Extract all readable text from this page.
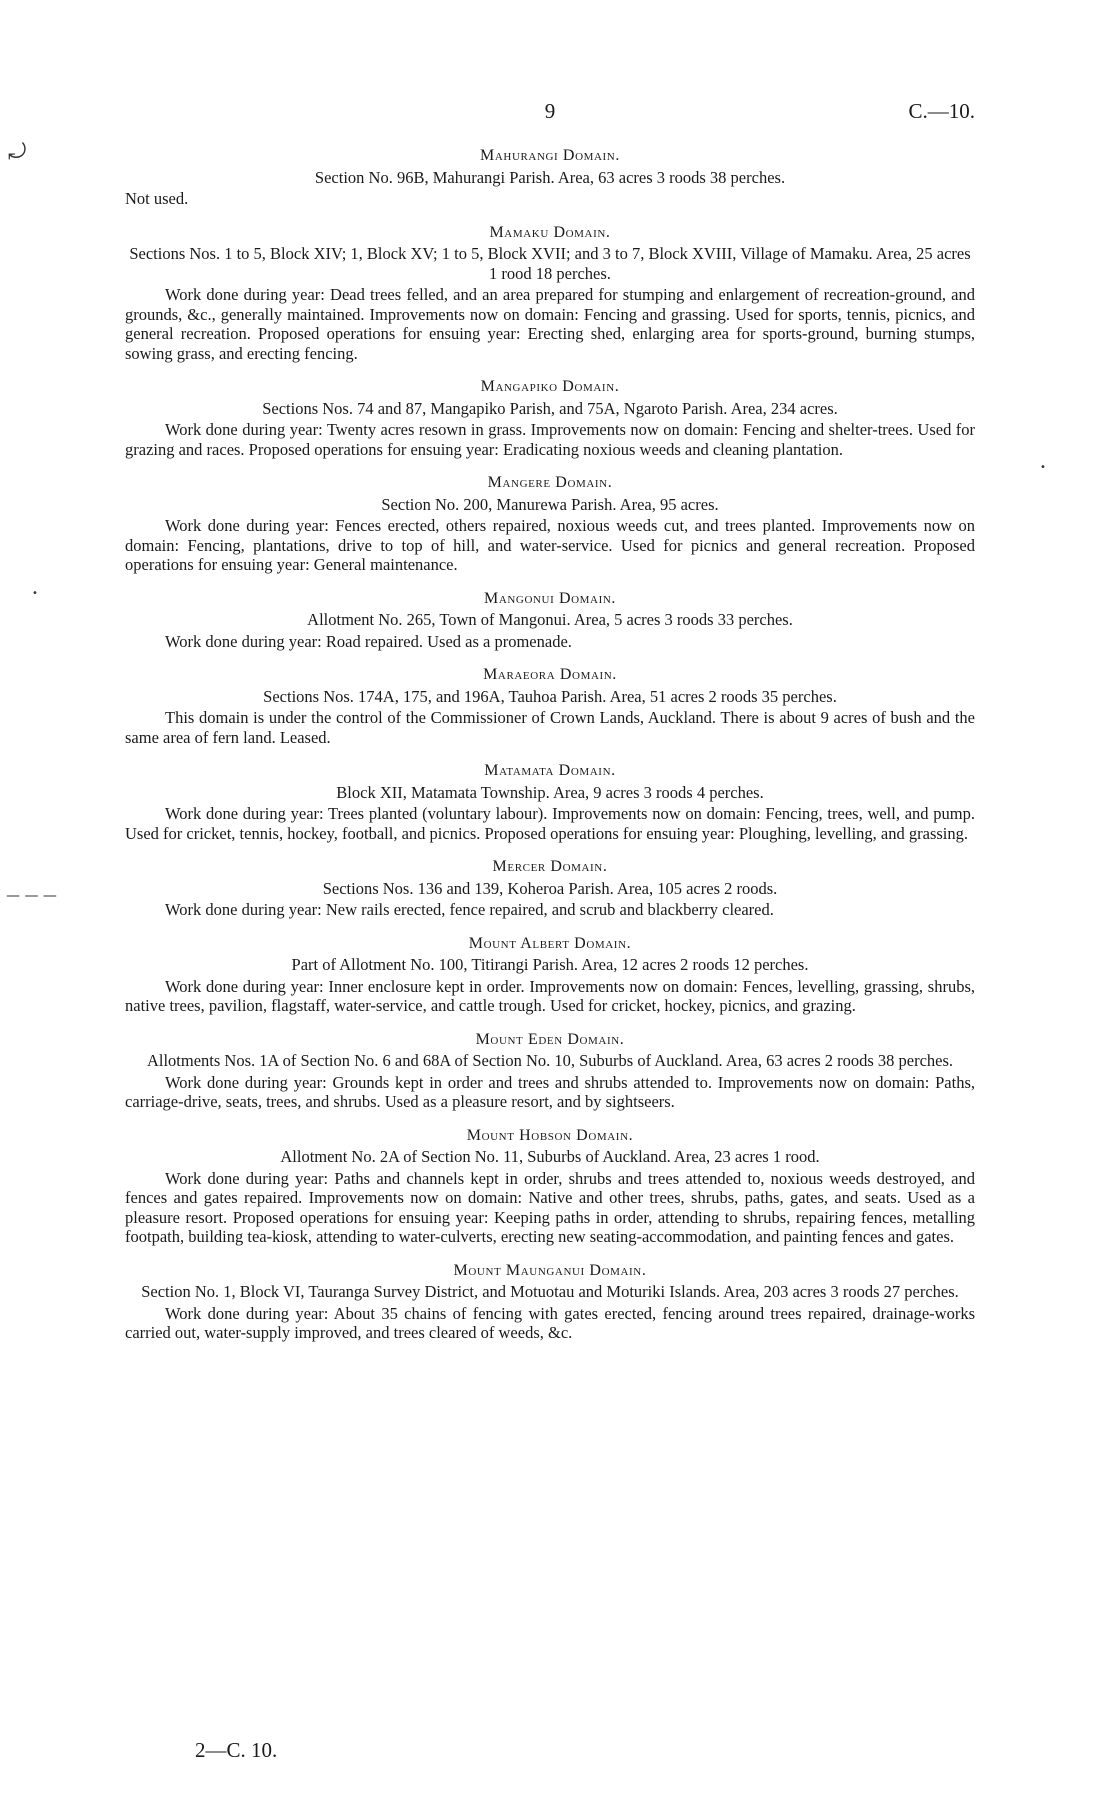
⤾
— — —
•
•
9	C.—10.
Mahurangi Domain.
Section No. 96B, Mahurangi Parish. Area, 63 acres 3 roods 38 perches.
Not used.
Mamaku Domain.
Sections Nos. 1 to 5, Block XIV; 1, Block XV; 1 to 5, Block XVII; and 3 to 7, Block XVIII, Village of Mamaku. Area, 25 acres 1 rood 18 perches.
Work done during year: Dead trees felled, and an area prepared for stumping and enlargement of recreation-ground, and grounds, &c., generally maintained. Improvements now on domain: Fencing and grassing. Used for sports, tennis, picnics, and general recreation. Proposed operations for ensuing year: Erecting shed, enlarging area for sports-ground, burning stumps, sowing grass, and erecting fencing.
Mangapiko Domain.
Sections Nos. 74 and 87, Mangapiko Parish, and 75A, Ngaroto Parish. Area, 234 acres.
Work done during year: Twenty acres resown in grass. Improvements now on domain: Fencing and shelter-trees. Used for grazing and races. Proposed operations for ensuing year: Eradicating noxious weeds and cleaning plantation.
Mangere Domain.
Section No. 200, Manurewa Parish. Area, 95 acres.
Work done during year: Fences erected, others repaired, noxious weeds cut, and trees planted. Improvements now on domain: Fencing, plantations, drive to top of hill, and water-service. Used for picnics and general recreation. Proposed operations for ensuing year: General maintenance.
Mangonui Domain.
Allotment No. 265, Town of Mangonui. Area, 5 acres 3 roods 33 perches.
Work done during year: Road repaired. Used as a promenade.
Maraeora Domain.
Sections Nos. 174A, 175, and 196A, Tauhoa Parish. Area, 51 acres 2 roods 35 perches.
This domain is under the control of the Commissioner of Crown Lands, Auckland. There is about 9 acres of bush and the same area of fern land. Leased.
Matamata Domain.
Block XII, Matamata Township. Area, 9 acres 3 roods 4 perches.
Work done during year: Trees planted (voluntary labour). Improvements now on domain: Fencing, trees, well, and pump. Used for cricket, tennis, hockey, football, and picnics. Proposed operations for ensuing year: Ploughing, levelling, and grassing.
Mercer Domain.
Sections Nos. 136 and 139, Koheroa Parish. Area, 105 acres 2 roods.
Work done during year: New rails erected, fence repaired, and scrub and blackberry cleared.
Mount Albert Domain.
Part of Allotment No. 100, Titirangi Parish. Area, 12 acres 2 roods 12 perches.
Work done during year: Inner enclosure kept in order. Improvements now on domain: Fences, levelling, grassing, shrubs, native trees, pavilion, flagstaff, water-service, and cattle trough. Used for cricket, hockey, picnics, and grazing.
Mount Eden Domain.
Allotments Nos. 1A of Section No. 6 and 68A of Section No. 10, Suburbs of Auckland. Area, 63 acres 2 roods 38 perches.
Work done during year: Grounds kept in order and trees and shrubs attended to. Improvements now on domain: Paths, carriage-drive, seats, trees, and shrubs. Used as a pleasure resort, and by sightseers.
Mount Hobson Domain.
Allotment No. 2A of Section No. 11, Suburbs of Auckland. Area, 23 acres 1 rood.
Work done during year: Paths and channels kept in order, shrubs and trees attended to, noxious weeds destroyed, and fences and gates repaired. Improvements now on domain: Native and other trees, shrubs, paths, gates, and seats. Used as a pleasure resort. Proposed operations for ensuing year: Keeping paths in order, attending to shrubs, repairing fences, metalling footpath, building tea-kiosk, attending to water-culverts, erecting new seating-accommodation, and painting fences and gates.
Mount Maunganui Domain.
Section No. 1, Block VI, Tauranga Survey District, and Motuotau and Moturiki Islands. Area, 203 acres 3 roods 27 perches.
Work done during year: About 35 chains of fencing with gates erected, fencing around trees repaired, drainage-works carried out, water-supply improved, and trees cleared of weeds, &c.
2—C. 10.
